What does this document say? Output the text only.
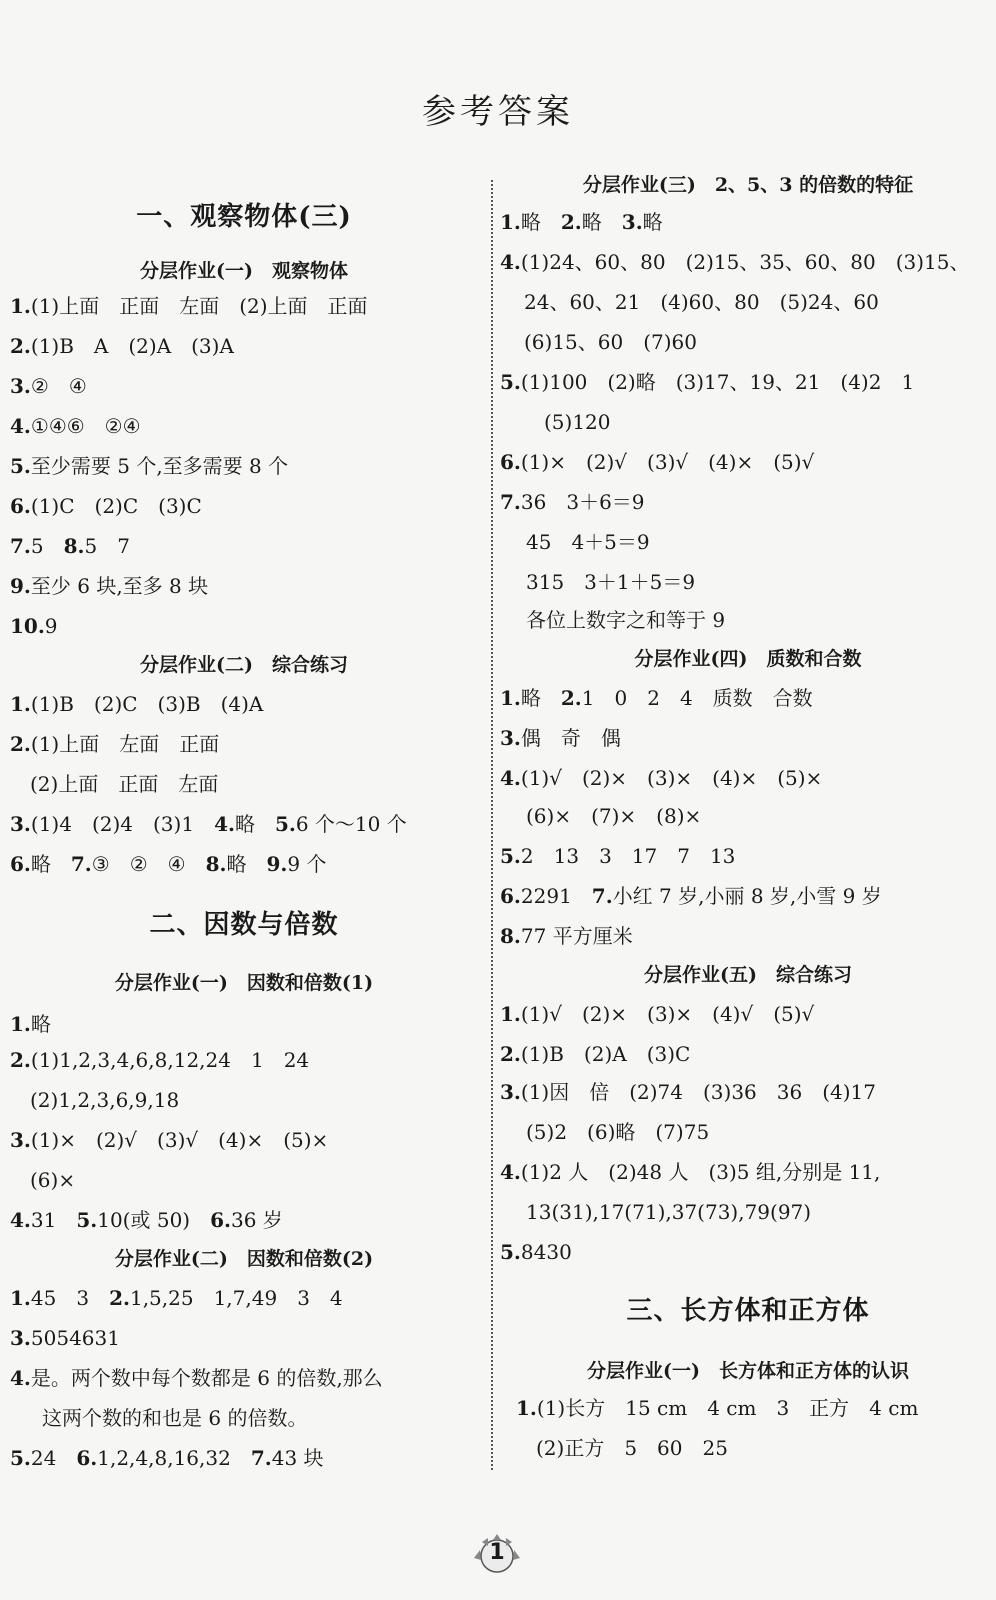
参考答案
一、观察物体(三)
分层作业(一)　观察物体
1.(1)上面　正面　左面　(2)上面　正面
2.(1)B　A　(2)A　(3)A
3.②　④
4.①④⑥　②④
5.至少需要 5 个,至多需要 8 个
6.(1)C　(2)C　(3)C
7.5　8.5　7
9.至少 6 块,至多 8 块
10.9
分层作业(二)　综合练习
1.(1)B　(2)C　(3)B　(4)A
2.(1)上面　左面　正面
(2)上面　正面　左面
3.(1)4　(2)4　(3)1　4.略　5.6 个～10 个
6.略　7.③　②　④　8.略　9.9 个
二、因数与倍数
分层作业(一)　因数和倍数(1)
1.略
2.(1)1,2,3,4,6,8,12,24　1　24
(2)1,2,3,6,9,18
3.(1)×　(2)√　(3)√　(4)×　(5)×
(6)×
4.31　5.10(或 50)　6.36 岁
分层作业(二)　因数和倍数(2)
1.45　3　2.1,5,25　1,7,49　3　4
3.5054631
4.是。两个数中每个数都是 6 的倍数,那么
这两个数的和也是 6 的倍数。
5.24　6.1,2,4,8,16,32　7.43 块
分层作业(三)　2、5、3 的倍数的特征
1.略　2.略　3.略
4.(1)24、60、80　(2)15、35、60、80　(3)15、
24、60、21　(4)60、80　(5)24、60
(6)15、60　(7)60
5.(1)100　(2)略　(3)17、19、21　(4)2　1
(5)120
6.(1)×　(2)√　(3)√　(4)×　(5)√
7.36　3＋6＝9
45　4＋5＝9
315　3＋1＋5＝9
各位上数字之和等于 9
分层作业(四)　质数和合数
1.略　2.1　0　2　4　质数　合数
3.偶　奇　偶
4.(1)√　(2)×　(3)×　(4)×　(5)×
(6)×　(7)×　(8)×
5.2　13　3　17　7　13
6.2291　7.小红 7 岁,小丽 8 岁,小雪 9 岁
8.77 平方厘米
分层作业(五)　综合练习
1.(1)√　(2)×　(3)×　(4)√　(5)√
2.(1)B　(2)A　(3)C
3.(1)因　倍　(2)74　(3)36　36　(4)17
(5)2　(6)略　(7)75
4.(1)2 人　(2)48 人　(3)5 组,分别是 11,
13(31),17(71),37(73),79(97)
5.8430
三、长方体和正方体
分层作业(一)　长方体和正方体的认识
1.(1)长方　15 cm　4 cm　3　正方　4 cm
(2)正方　5　60　25
1
